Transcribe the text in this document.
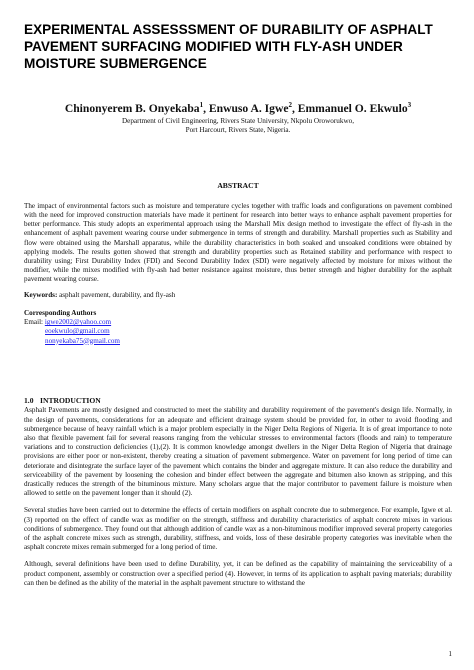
EXPERIMENTAL ASSESSSMENT OF DURABILITY OF ASPHALT PAVEMENT SURFACING MODIFIED WITH FLY-ASH UNDER MOISTURE SUBMERGENCE
Chinonyerem B. Onyekaba$^1$, Enwuso A. Igwe$^2$, Emmanuel O. Ekwulo$^3$
Department of Civil Engineering, Rivers State University, Nkpolu Oroworukwo,
Port Harcourt, Rivers State, Nigeria.
ABSTRACT

The impact of environmental factors such as moisture and temperature cycles together with traffic loads and configurations on pavement combined with the need for improved construction materials have made it pertinent for research into better ways to enhance asphalt pavement properties for better performance. This study adopts an experimental approach using the Marshall Mix design method to investigate the effect of fly-ash in the enhancement of asphalt pavement wearing course under submergence in terms of strength and durability. Marshall properties such as Stability and flow were obtained using the Marshall apparatus, while the durability characteristics in both soaked and unsoaked conditions were obtained by applying models. The results gotten showed that strength and durability properties such as Retained stability and performance with respect to durability using; First Durability Index (FDI) and Second Durability Index (SDI) were negatively affected by moisture for mixes without the modifier, while the mixes modified with fly-ash had better resistance against moisture, thus better strength and higher durability for the asphalt pavement wearing course.

Keywords: asphalt pavement, durability, and fly-ash
Corresponding Authors
Email: igwe2002@yahoo.com
eoekwulo@gmail.com
nonyekaba75@gmail.com
1.0 INTRODUCTION

Asphalt Pavements are mostly designed and constructed to meet the stability and durability requirement of the pavement's design life. Normally, in the design of pavements, considerations for an adequate and efficient drainage system should be provided for, in other to avoid flooding and submergence because of heavy rainfall which is a major problem especially in the Niger Delta Regions of Nigeria. It is of great importance to note also that flexible pavement fail for several reasons ranging from the vehicular stresses to environmental factors (floods and rain) to temperature variations and to construction deficiencies (1),(2). It is common knowledge amongst dwellers in the Niger Delta Region of Nigeria that drainage provisions are either poor or non-existent, thereby creating a situation of pavement submergence. Water on pavement for long period of time can deteriorate and disintegrate the surface layer of the pavement which contains the binder and aggregate mixture. It can also reduce the durability and serviceability of the pavement by loosening the cohesion and binder effect between the aggregate and bitumen also known as stripping, and this drastically reduces the strength of the bituminous mixture. Many scholars argue that the major contributor to pavement failure is moisture when allowed to settle on the pavement longer than it should (2).

Several studies have been carried out to determine the effects of certain modifiers on asphalt concrete due to submergence. For example, Igwe et al. (3) reported on the effect of candle wax as modifier on the strength, stiffness and durability characteristics of asphalt concrete mixes in various conditions of submergence. They found out that although addition of candle wax as a non-bituminous modifier improved several property categories of the asphalt concrete mixes such as strength, durability, stiffness, and voids, loss of these desirable property categories was inevitable when the asphalt concrete mixes remain submerged for a long period of time.

Although, several definitions have been used to define Durability, yet, it can be defined as the capability of maintaining the serviceability of a product component, assembly or construction over a specified period (4). However, in terms of its application to asphalt paving materials; durability can then be defined as the ability of the material in the asphalt pavement structure to withstand the

1
